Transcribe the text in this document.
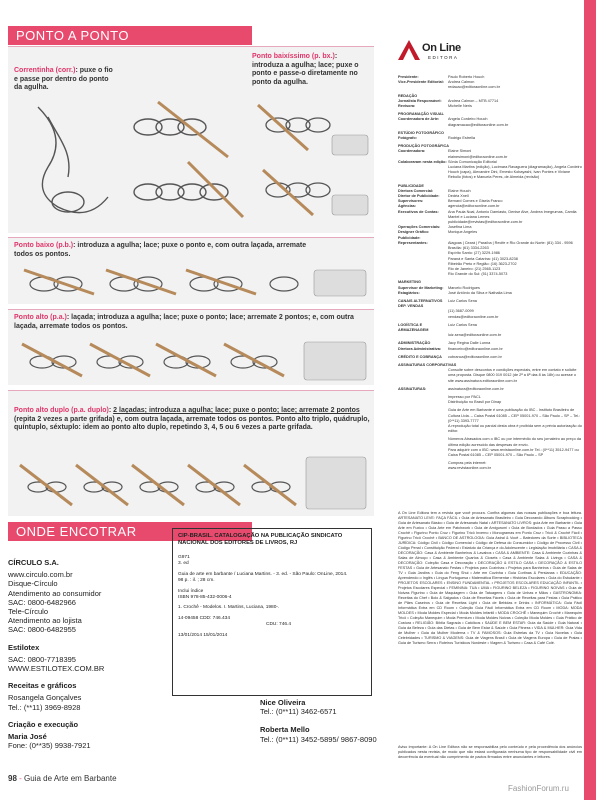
PONTO A PONTO
Correntinha (corr.): puxe o fio e passe por dentro do ponto da agulha.
Ponto baixíssimo (p. bx.): introduza a agulha; lace; puxe o ponto e passe-o diretamente no ponto da agulha.
Ponto baixo (p.b.): introduza a agulha; lace; puxe o ponto e, com outra laçada, arremate todos os pontos.
Ponto alto (p.a.): laçada; introduza a agulha; lace; puxe o ponto; lace; arremate 2 pontos; e, com outra laçada, arremate todos os pontos.
Ponto alto duplo (p.a. duplo): 2 laçadas; introduza a agulha; lace; puxe o ponto; lace; arremate 2 pontos (repita 2 vezes a parte grifada) e, com outra laçada, arremate todos os pontos. Ponto alto triplo, quádruplo, quíntuplo, séxtuplo: idem ao ponto alto duplo, repetindo 3, 4, 5 ou 6 vezes a parte grifada.
ONDE ENCOTRAR
CÍRCULO S.A.
www.circulo.com.br
Disque-Círculo
Atendimento ao consumidor
SAC: 0800-6482966
Tele-Círculo
Atendimento ao lojista
SAC: 0800-6482955
Estilotex
SAC: 0800-7718395
WWW.ESTILOTEX.COM.BR
Receitas e gráficos
Rosangela Gonçalves
Tel.: (**11) 3969-8928
Criação e execução
Maria José
Fone: (0**35) 9938-7921
CIP-BRASIL. CATALOGAÇÃO NA PUBLICAÇÃO SINDICATO NACIONAL DOS EDITORES DE LIVROS, RJ
G971
3. ed
Guia de arte em barbante / Luciana Martins. - 3. ed. - São Paulo: OnLine, 2014.
98 p. : il. ; 28 cm.
Inclui índice
ISBN 978-85-432-0006-4
1. Crochê - Modelos. I. Martins, Luciana, 1980-.
14-09458 CDD: 746.434
CDU: 746.4
13/01/2014 15/01/2014
Nice Oliveira
Tel.: (0**11) 3462-6571
Roberta Mello
Tel.: (0**11) 3452-5895/ 9867-8090
98 - Guia de Arte em Barbante
FashionForum.ru
On Line
EDITORA
Presidente:	Paulo Roberto Houch
Vice-Presidente Editorial:	Andrea Calmon
redacao@editoraonline.com.br
REDAÇÃO
Jornalista Responsável:	Andrea Calmon – MTB 47714
Revisora:	Michelle Neris
PROGRAMAÇÃO VISUAL
Coordenadora de Arte:	Angela Cordeiro Houch
diagramacao@editoraonline.com.br
ESTÚDIO FOTOGRÁFICO
Fotógrafo:	Rodrigo Estrella
PRODUÇÃO FOTOGRÁFICA
Coordenadora:	Elaine Simoni
elainesimoni@editoraonline.com.br
Colaboraram nesta edição: Sônia Comunicação Editorial
Luciana Martins (edição), Lucimara Ravaguera (diagramação), Angela Cordeiro Houch (capa), Alexandre Dini, Ernesto Kobayashi, Ivan Pontes e Viviane Rebollo (fotos) e Manuela Peres, de Almeida (revisão)
PUBLICIDADE
Diretora Comercial:	Elaine Houch
Diretor de Publicidade:	Dedéa Xnell
Supervisores:	Bernard Comes e Gisela Franco
Agências:	agencia@editoraonline.com.br
Executivos de Contas:	Ana Paula Noal, Antonio Damiasto, Denise Alve, Andrea Imegrumas, Camila Mantel e Luciana Lemes
publicidade@revistas@editoraonline.com.br
Operações Comerciais:	Josefina Lima
Designer Gráfico Publicidade:
Monique Angeles
Representantes:	Alagoas | Ceará | Paraíba | Recife e Rio Grande do Norte: (81) 334 - 9596
Brasília: (61) 3334-2263
Espírito Santo: (27) 3229-1986
Paraná e Santa Catarina: (41) 3023-8238
Ribeirão Preto e Região: (16) 3623-2702
Rio de Janeiro: (21) 2565-1123
Rio Grande do Sul: (51) 3374-5073
MARKETING
Supervisor de Marketing:	Marcelo Rodrigues
Estagiários:	José Antônio da Silva e Nathalia Lima
CANAIS ALTERNATIVOS DEP. VENDAS
Luiz Carlos Sena
(11) 3687-0099
vendas@editoraonline.com.br
LOGÍSTICA E ARMAZENAGEM
Luiz Carlos Sena
luiz.sena@editoraonline.com.br
ADMINISTRAÇÃO	Jacy Regina Dalle Lunna
Diretora Administrativa:	financeiro@editoraonline.com.br
CRÉDITO E COBRANÇA	cobranca@editoraonline.com.br
ASSINATURAS CORPORATIVAS
Consulte sobre descontos e condições especiais, entre em contato e solicite uma proposta. Disque 0800 019 0012 (de 2ª a 6ª das 8 às 18h) ou acesse o site www.assinatura.editoraonline.com.br
ASSINATURAS:	assinatura@editoraonline.com.br
Impresso por PACL
Distribuição no Brasil por Dinap
Guia de Arte em Barbante é uma publicação do IBC - Instituto Brasileiro de Cultura Ltda. – Caixa Postal 61085 – CEP 05001-970 – São Paulo – SP – Tel.: (0**11) 3393-7777
A reprodução total ou parcial desta obra é proibida sem a prévia autorização do editor.
Números Atrasados com o IBC ou por intermédio do seu jornaleiro ao preço da última edição acrescido das despesas de envio.
Para adquirir com o IBC: www.revistaonline.com.br Tel.: (0**11) 3512-9477 ou Caixa Postal 61085 – CEP 05001-970 – São Paulo – SP
Compras pela internet:
www.revistaonline.com.br
A On Line Editora tem a revista que você procura. Confira algumas das nossas publicações e boa leitura. ARTESANATO LEVE: FAÇA FÁCIL • Guia de Artesanato Brasileiro • Guia Decorando Álbuns Scrapbooking • Guia de Artesanato Básico • Guia de Artesanato Natal • ARTESANATO LIVROS: guia Arte em Barbante • Guia Arte em Fuxico • Guia Arte em Patchwork • Guia de Amigurumi • Guia de Bordados • Guia Passo a Passo Crochê • Figurino Ponto Cruz • Figurino Tricô Inverno • Monogramas em Ponto Cruz • Tricô & Crochê Fácil • Figurino Tricô Crochê • BANCO DE ASTROLOGIA: Guia Astral & Você – Batedores da Sorte • BIBLIOTECA JURÍDICA: Código Civil • Código Comercial • Código de Defesa do Consumidor • Código de Processo Civil • Código Penal • Constituição Federal • Estatuto da Criança e do Adolescente • Legislação Imobiliária • CASA & DECORAÇÃO: Casa & Ambiente Banheiros & Lavabos • CASA & AMBIENTE: Casa & Ambiente Cozinhas & Salas de Almoço • Casa & Ambiente Quartos & Closets • Casa & Ambiente Salas & Livings • CASA & DECORAÇÃO: Coleção Casa e Decoração • DECORAÇÃO & ESTILO CASA • DECORAÇÃO & ESTILO FESTAS • Guia de Artesanato Festas • Projetos para Cozinhas • Projetos para Banheiros • Guia de Salas de TV • Guia Jardins • Guia do Feng Shui • Arte em Cozinha • Guia Cortinas & Persianas • EDUCAÇÃO: Aprendendo o Inglês • Língua Portuguesa • Matemática Elementar • Histórias Escolares • Guia do Estudante • PROJETOS ESCOLARES • ENSINO FUNDAMENTAL • PROJETOS ESCOLARES EDUCAÇÃO INFANTIL • Projetos Escolares Especial • FEMININA: TUA • UMA • FIGURINO BELEZA • FIGURINO NOIVAS • Guia de Noivas Figurino • Guia de Maquiagem • Guia de Tatuagens • Guia de Unhas e Mãos • GASTRONOMIA: Receitas do Chef • Bolo & Salgados • Guia de Receitas Fáceis • Guia de Receitas para Festas • Guia Prático de Pães Caseiros • Guia de Receitas Light • Guia de Bebidas e Drinks • INFORMÁTICA: Guia Fácil Informática Extra em CD Room • Coleção Guia Fácil Informática Extra em CD Room • MODA: MODA MOLDES • Moda Moldes Especial • Moda Moldes Infantil • MODA CROCHÊ • Manequim Crochê • Manequim Tricô • Coleção Manequim • Moda Premium • Moda Moldes Noivas • Coleção Moda Moldes • Guia Prático de Costura • RELIGIÃO: Bíblia Sagrada • Católicos • SAÚDE E BEM ESTAR: Guia da Saúde • Guia Natural • Guia da Beleza • Guia das Dietas • Guia de Bem Estar & Saúde • Guia Fitness • VIDA & MULHER: Guia Vida de Mulher • Guia da Mulher Moderna • TV & FAMOSOS: Guia Estrelas da TV • Guia Novelas • Guia Celebridades • TURISMO & VIAGENS: Guia de Viagens Brasil • Guia de Viagens Europa • Guia de Praias • Guia de Turismo Serra • Roteiros Turísticos Nordeste • Viagem & Turismo • Casa & Café Colé.
Aviso importante: A On Line Editora não se responsabiliza pelo conteúdo e pela procedência dos anúncios publicados nesta revista, de modo que não estará configurada nenhuma tipo de responsabilidade civil em decorrência da eventual não cumprimento de pactos firmados entre anunciantes e leitores.
